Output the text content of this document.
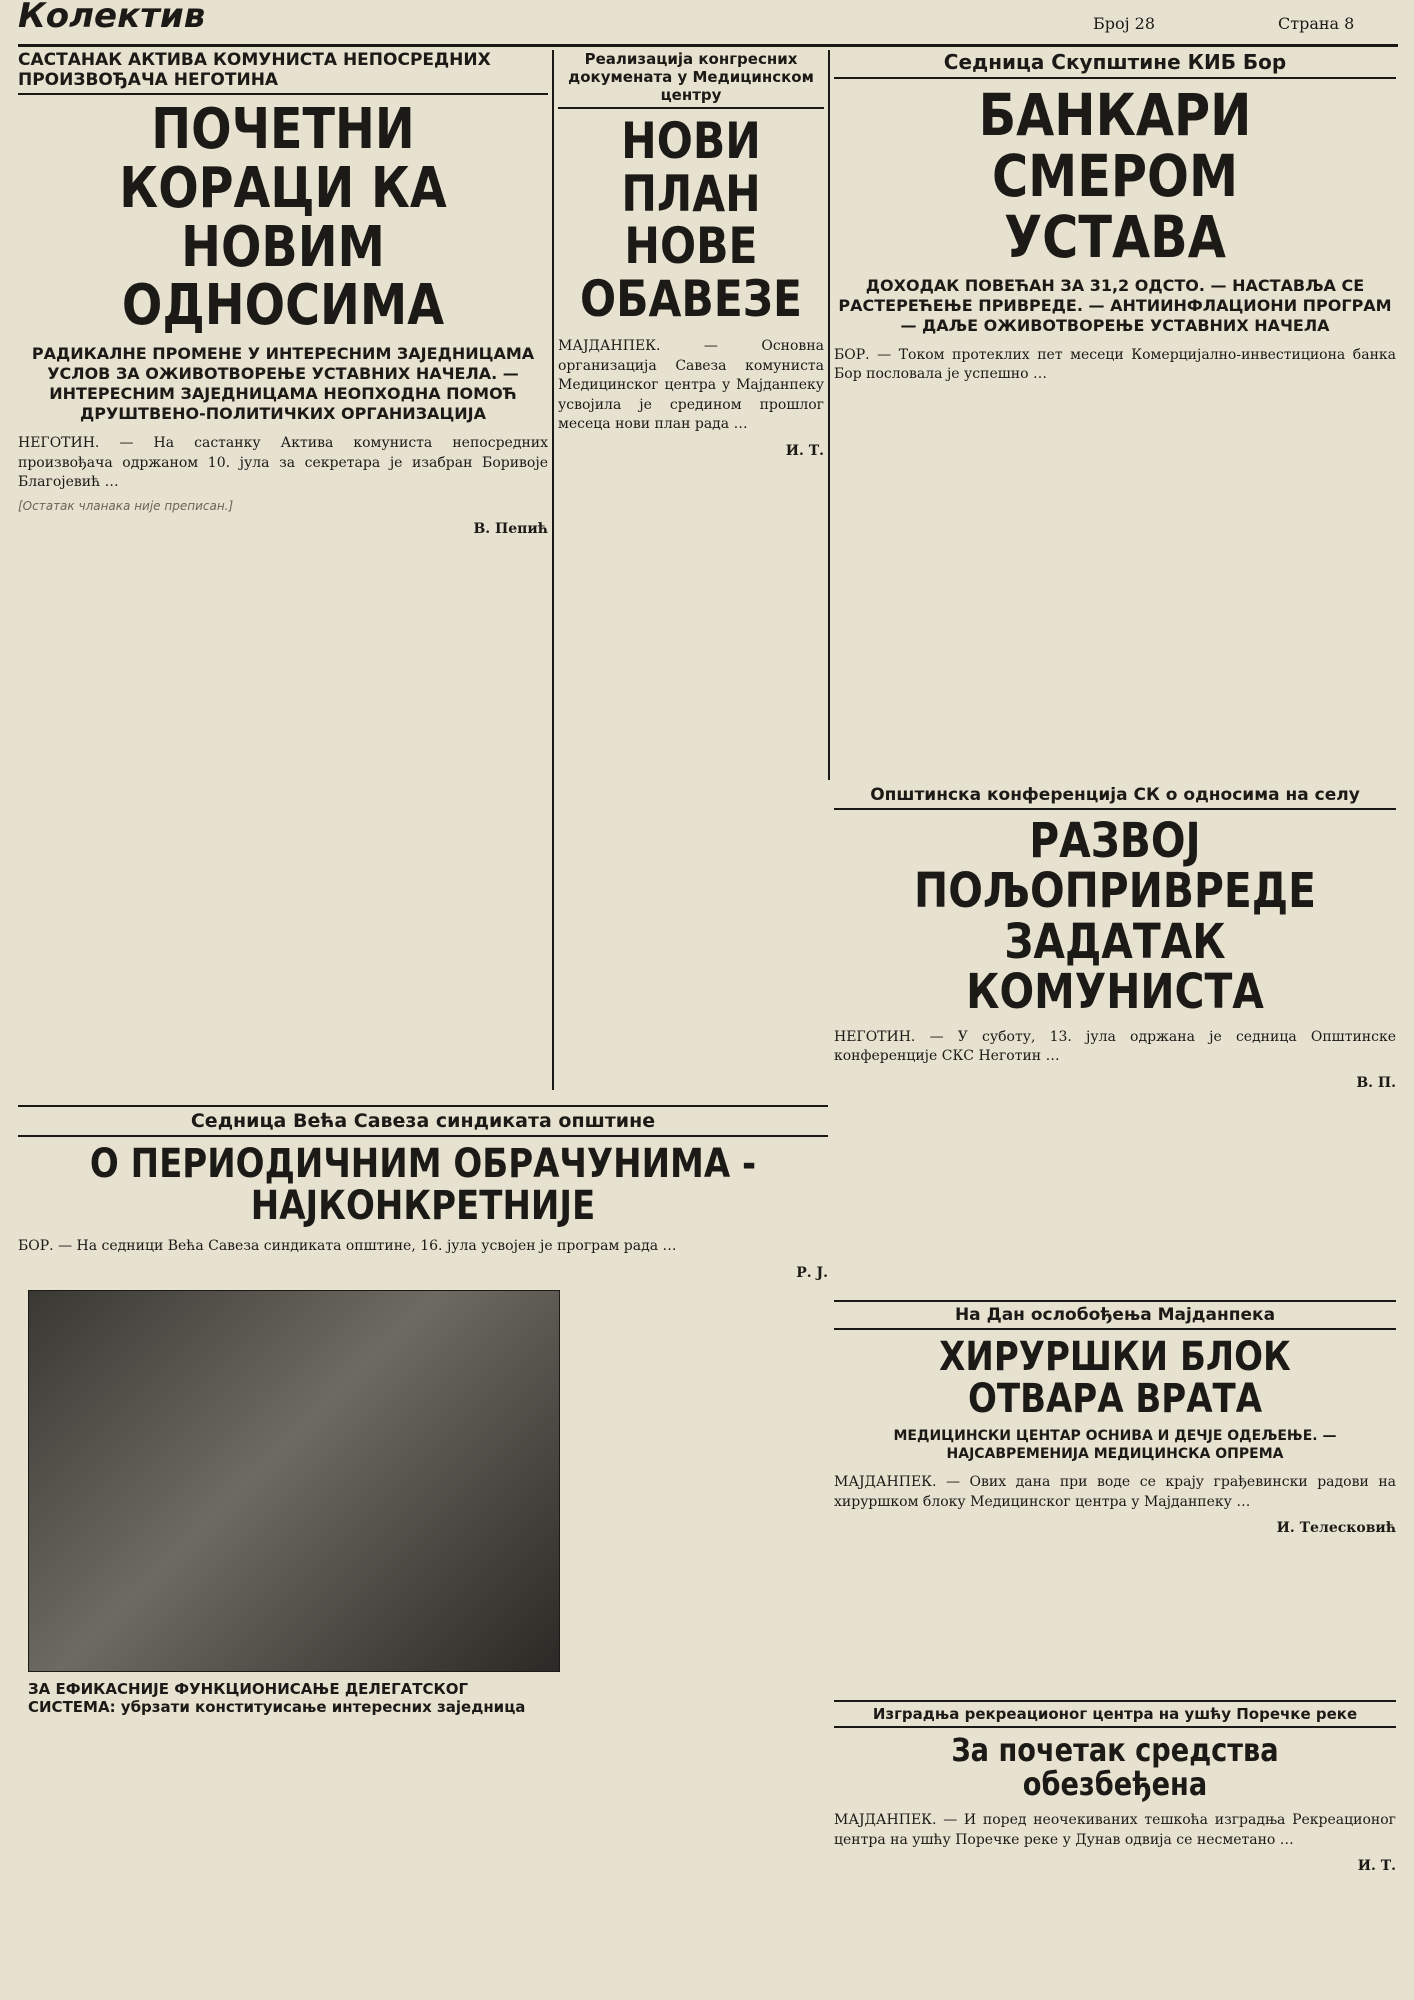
Колектив	Број 28	Страна 8
САСТАНАК АКТИВА КОМУНИСТА НЕПОСРЕДНИХ ПРОИЗВОЂАЧА НЕГОТИНА
ПОЧЕТНИ КОРАЦИ КА НОВИМ ОДНОСИМА
РАДИКАЛНЕ ПРОМЕНЕ У ИНТЕРЕСНИМ ЗАЈЕДНИЦАМА УСЛОВ ЗА ОЖИВОТВОРЕЊЕ УСТАВНИХ НАЧЕЛА. — ИНТЕРЕСНИМ ЗАЈЕДНИЦАМА НЕОПХОДНА ПОМОЋ ДРУШТВЕНО-ПОЛИТИЧКИХ ОРГАНИЗАЦИЈА
НЕГОТИН. — На састанку Актива комуниста непосредних произвођача одржаном 10. јула за секретара је изабран Боривоје Благојевић …
[Остатак чланака није преписан.]
В. Пепић
Реализација конгресних докумената у Медицинском центру
НОВИ ПЛАН НОВЕ ОБАВЕЗЕ
МАЈДАНПЕК. — Основна организација Савеза комуниста Медицинског центра у Мајданпеку усвојила је средином прошлог месеца нови план рада …
И. Т.
Седница Скупштине КИБ Бор
БАНКАРИ СМЕРОМ УСТАВА
ДОХОДАК ПОВЕЋАН ЗА 31,2 ОДСТО. — НАСТАВЉА СЕ РАСТЕРЕЋЕЊЕ ПРИВРЕДЕ. — АНТИИНФЛАЦИОНИ ПРОГРАМ — ДАЉЕ ОЖИВОТВОРЕЊЕ УСТАВНИХ НАЧЕЛА
БОР. — Током протеклих пет месеци Комерцијално-инвестициона банка Бор пословала је успешно …
Општинска конференција СК о односима на селу
РАЗВОЈ ПОЉОПРИВРЕДЕ ЗАДАТАК КОМУНИСТА
НЕГОТИН. — У суботу, 13. јула одржана је седница Општинске конференције СКС Неготин …
В. П.
Седница Већа Савеза синдиката општине
О ПЕРИОДИЧНИМ ОБРАЧУНИМА - НАЈКОНКРЕТНИЈЕ
БОР. — На седници Већа Савеза синдиката општине, 16. јула усвојен је програм рада …
Р. Ј.
ЗА ЕФИКАСНИЈЕ ФУНКЦИОНИСАЊЕ ДЕЛЕГАТСКОГ СИСТЕМА: убрзати конституисање интересних заједница
На Дан ослобођења Мајданпека
ХИРУРШКИ БЛОК ОТВАРА ВРАТА
МЕДИЦИНСКИ ЦЕНТАР ОСНИВА И ДЕЧЈЕ ОДЕЉЕЊЕ. — НАЈСАВРЕМЕНИЈА МЕДИЦИНСКА ОПРЕМА
МАЈДАНПЕК. — Ових дана при воде се крају грађевински радови на хируршком блоку Медицинског центра у Мајданпеку …
И. Телесковић
Изградња рекреационог центра на ушћу Поречке реке
За почетак средства обезбеђена
МАЈДАНПЕК. — И поред неочекиваних тешкоћа изградња Рекреационог центра на ушћу Поречке реке у Дунав одвија се несметано …
И. Т.
